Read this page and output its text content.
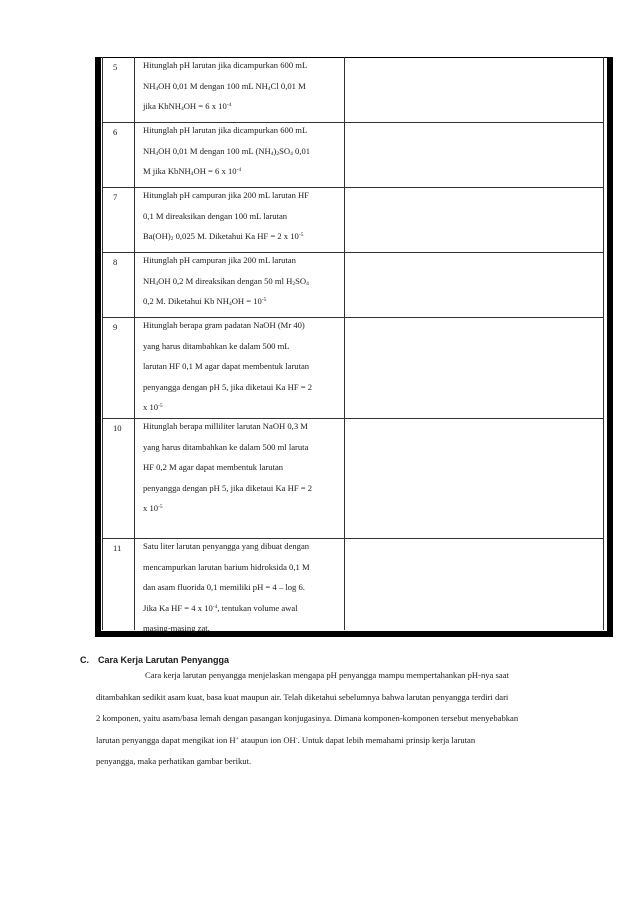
5	Hitunglah pH larutan jika dicampurkan 600 mL

$NH_4OH$ 0,01 M dengan 100 mL $NH_4Cl$ 0,01 M

jika KbNH$_4$OH = 6 x $10^{-4}$

6	Hitunglah pH larutan jika dicampurkan 600 mL

$NH_4OH$ 0,01 M dengan 100 mL $(NH_4)_2SO_4$ 0,01

M jika KbNH$_4$OH = 6 x $10^{-4}$

7	Hitunglah pH campuran jika 200 mL larutan HF

0,1 M direaksikan dengan 100 mL larutan

$Ba(OH)_2$ 0,025 M. Diketahui Ka HF = 2 x $10^{-5}$

8	Hitunglah pH campuran jika 200 mL larutan

$NH_4OH$ 0,2 M direaksikan dengan 50 ml $H_2SO_4$

0,2 M. Diketahui Kb $NH_4OH = 10^{-5}$

9	Hitunglah berapa gram padatan NaOH (Mr 40)

yang harus ditambahkan ke dalam 500 mL

larutan HF 0,1 M agar dapat membentuk larutan

penyangga dengan pH 5, jika diketaui Ka HF = 2

x $10^{-5}$

10 Hitunglah berapa milliliter larutan NaOH 0,3 M

yang harus ditambahkan ke dalam 500 ml laruta

HF 0,2 M agar dapat membentuk larutan

penyangga dengan pH 5, jika diketaui Ka HF = 2

x $10^{-5}$

11	Satu liter larutan penyangga yang dibuat dengan

mencampurkan larutan barium hidroksida 0,1 M

dan asam fluorida 0,1 memiliki pH = 4 – log 6.

Jika Ka HF = 4 x $10^{-4}$, tentukan volume awal

masing-masing zat.

C. Cara Kerja Larutan Penyangga

Cara kerja larutan penyangga menjelaskan mengapa pH penyangga mampu mempertahankan pH-nya saat

ditambahkan sedikit asam kuat, basa kuat maupun air. Telah diketahui sebelumnya bahwa larutan penyangga terdiri dari

2 komponen, yaitu asam/basa lemah dengan pasangan konjugasinya. Dimana komponen-komponen tersebut menyebabkan

larutan penyangga dapat mengikat ion H+ ataupun ion OH-. Untuk dapat lebih memahami prinsip kerja larutan

penyangga, maka perhatikan gambar berikut.
